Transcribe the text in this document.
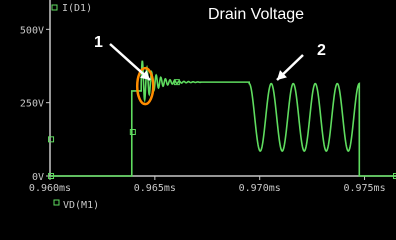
I(D1)	Drain Voltage
VD(M1)
0.960ms	0.965ms	0.970ms	0.975ms
0V
250V
500V
1	2
